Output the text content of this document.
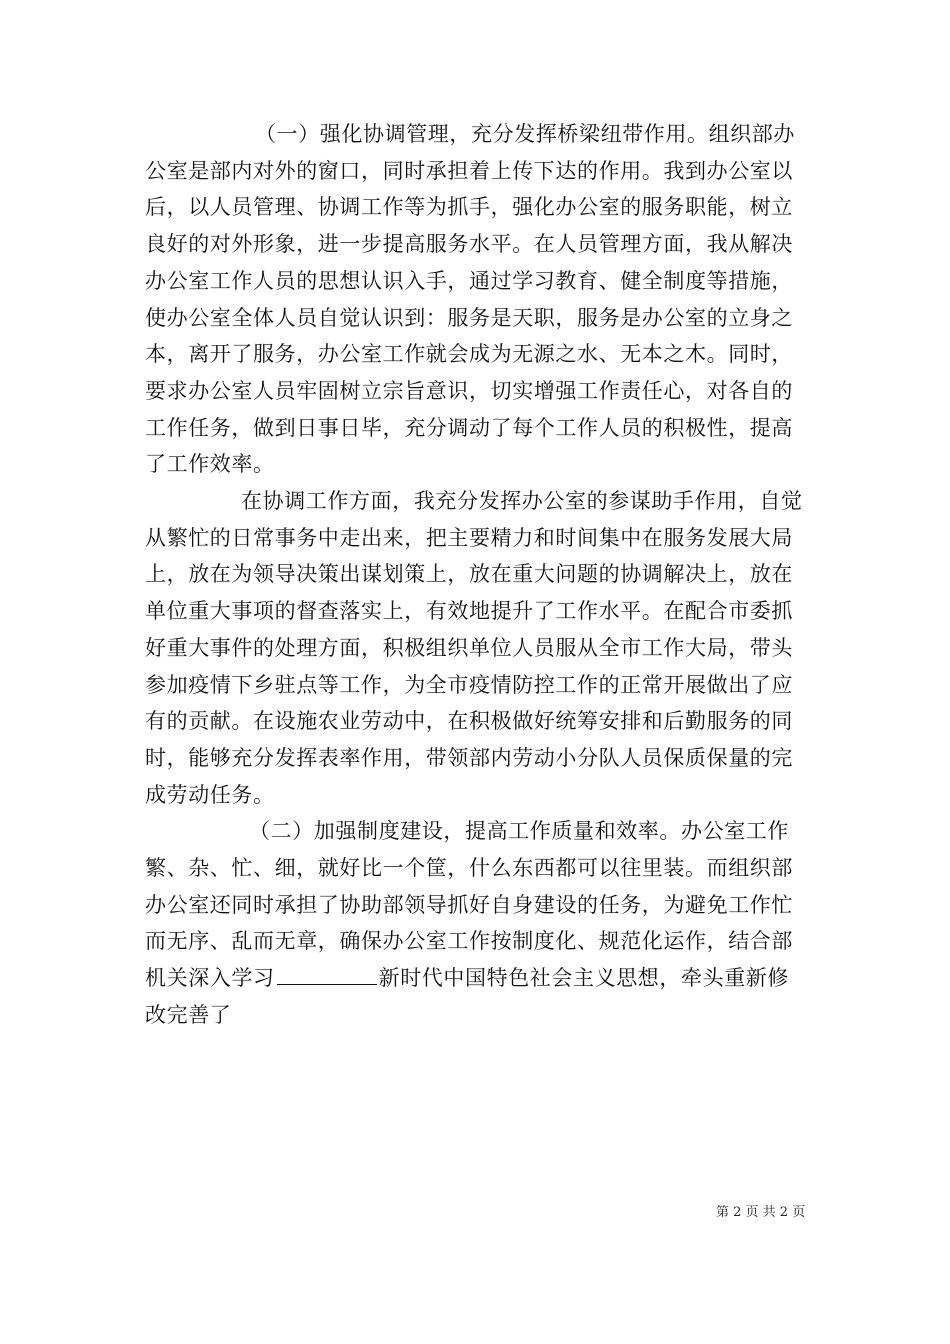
（一）强化协调管理，充分发挥桥梁纽带作用。组织部办公室是部内对外的窗口，同时承担着上传下达的作用。我到办公室以后，以人员管理、协调工作等为抓手，强化办公室的服务职能，树立良好的对外形象，进一步提高服务水平。在人员管理方面，我从解决办公室工作人员的思想认识入手，通过学习教育、健全制度等措施，使办公室全体人员自觉认识到：服务是天职，服务是办公室的立身之本，离开了服务，办公室工作就会成为无源之水、无本之木。同时，要求办公室人员牢固树立宗旨意识，切实增强工作责任心，对各自的工作任务，做到日事日毕，充分调动了每个工作人员的积极性，提高了工作效率。

在协调工作方面，我充分发挥办公室的参谋助手作用，自觉从繁忙的日常事务中走出来，把主要精力和时间集中在服务发展大局上，放在为领导决策出谋划策上，放在重大问题的协调解决上，放在单位重大事项的督查落实上，有效地提升了工作水平。在配合市委抓好重大事件的处理方面，积极组织单位人员服从全市工作大局，带头参加疫情下乡驻点等工作，为全市疫情防控工作的正常开展做出了应有的贡献。在设施农业劳动中，在积极做好统筹安排和后勤服务的同时，能够充分发挥表率作用，带领部内劳动小分队人员保质保量的完成劳动任务。

（二）加强制度建设，提高工作质量和效率。办公室工作繁、杂、忙、细，就好比一个筐，什么东西都可以往里装。而组织部办公室还同时承担了协助部领导抓好自身建设的任务，为避免工作忙而无序、乱而无章，确保办公室工作按制度化、规范化运作，结合部机关深入学习	新时代中国特色社会主义思想，牵头重新修改完善了

第 2 页 共 2 页
